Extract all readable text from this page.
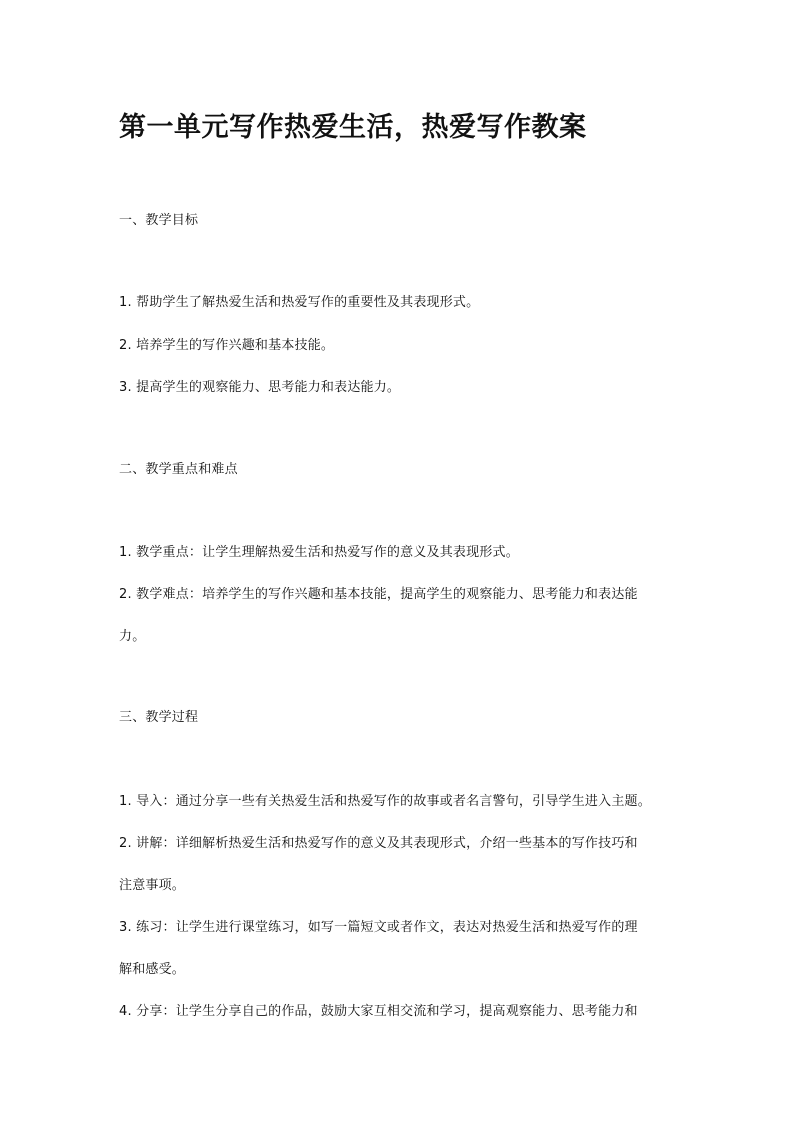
第一单元写作热爱生活，热爱写作教案
一、教学目标
1. 帮助学生了解热爱生活和热爱写作的重要性及其表现形式。
2. 培养学生的写作兴趣和基本技能。
3. 提高学生的观察能力、思考能力和表达能力。
二、教学重点和难点
1. 教学重点：让学生理解热爱生活和热爱写作的意义及其表现形式。
2. 教学难点：培养学生的写作兴趣和基本技能，提高学生的观察能力、思考能力和表达能
力。
三、教学过程
1. 导入：通过分享一些有关热爱生活和热爱写作的故事或者名言警句，引导学生进入主题。
2. 讲解：详细解析热爱生活和热爱写作的意义及其表现形式，介绍一些基本的写作技巧和
注意事项。
3. 练习：让学生进行课堂练习，如写一篇短文或者作文，表达对热爱生活和热爱写作的理
解和感受。
4. 分享：让学生分享自己的作品，鼓励大家互相交流和学习，提高观察能力、思考能力和
